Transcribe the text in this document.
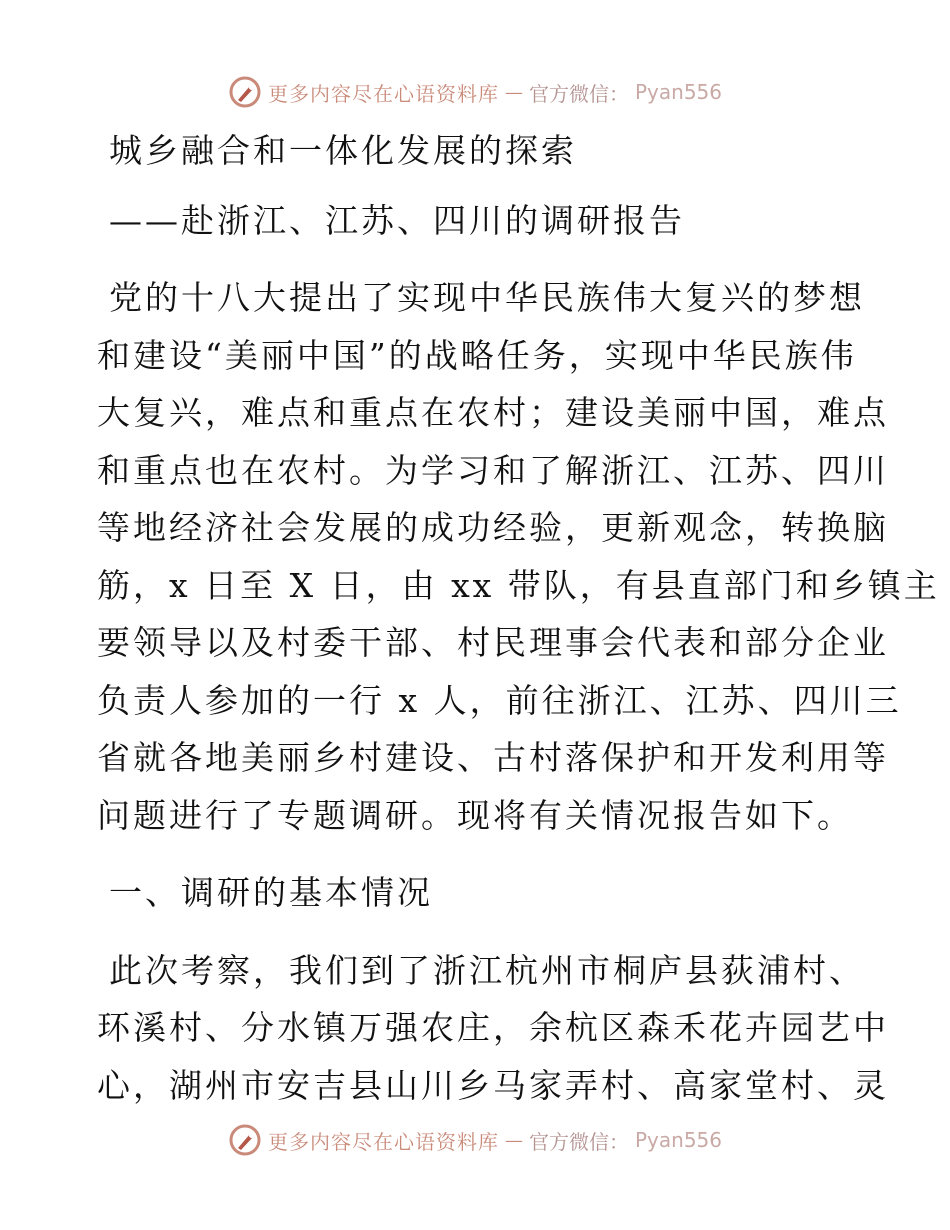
更多内容尽在心语资料库 — 官方微信： Pyan556
城乡融合和一体化发展的探索
——赴浙江、江苏、四川的调研报告
党的十八大提出了实现中华民族伟大复兴的梦想
和建设“美丽中国”的战略任务，实现中华民族伟
大复兴，难点和重点在农村；建设美丽中国，难点
和重点也在农村。为学习和了解浙江、江苏、四川
等地经济社会发展的成功经验，更新观念，转换脑
筋，x 日至 X 日，由 xx 带队，有县直部门和乡镇主
要领导以及村委干部、村民理事会代表和部分企业
负责人参加的一行 x 人，前往浙江、江苏、四川三
省就各地美丽乡村建设、古村落保护和开发利用等
问题进行了专题调研。现将有关情况报告如下。
一、调研的基本情况
此次考察，我们到了浙江杭州市桐庐县荻浦村、
环溪村、分水镇万强农庄，余杭区森禾花卉园艺中
心，湖州市安吉县山川乡马家弄村、高家堂村、灵
更多内容尽在心语资料库 — 官方微信： Pyan556
